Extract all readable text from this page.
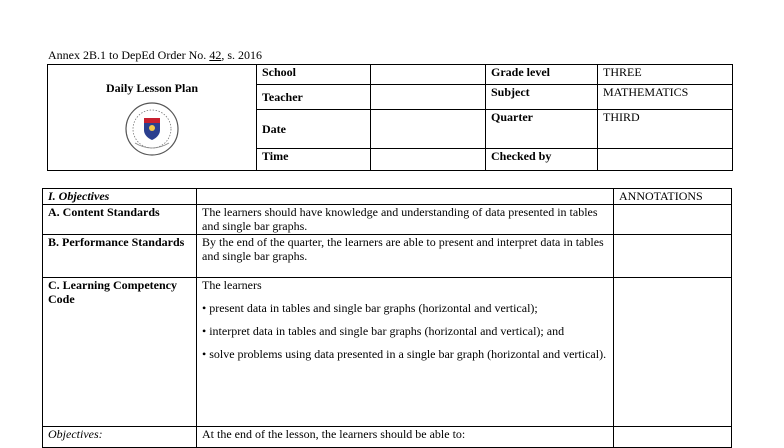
Annex 2B.1 to DepEd Order No. 42, s. 2016
Daily Lesson Plan	School		Grade level	THREE
	Teacher		Subject	MATHEMATICS
	Date		Quarter	THIRD
	Time		Checked by	
I. Objectives		ANNOTATIONS
A. Content Standards	The learners should have knowledge and understanding of data presented in tables and single bar graphs.	
B. Performance Standards	By the end of the quarter, the learners are able to present and interpret data in tables and single bar graphs.	
C. Learning Competency Code	The learners

• present data in tables and single bar graphs (horizontal and vertical);

• interpret data in tables and single bar graphs (horizontal and vertical); and

• solve problems using data presented in a single bar graph (horizontal and vertical).	

Objectives:	At the end of the lesson, the learners should be able to:	
